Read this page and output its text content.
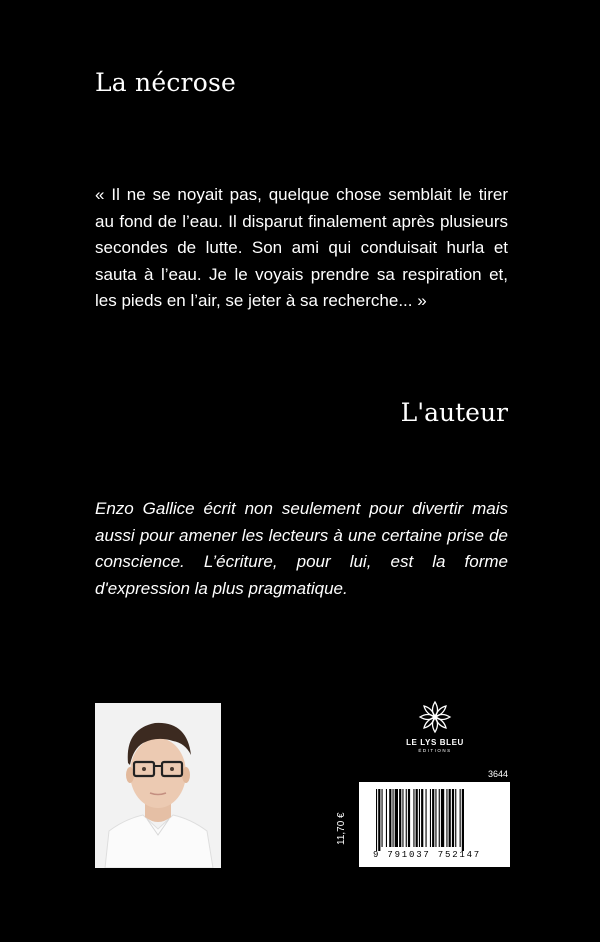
La nécrose

« Il ne se noyait pas, quelque chose semblait le tirer au fond de l’eau. Il disparut finalement après plusieurs secondes de lutte. Son ami qui conduisait hurla et sauta à l’eau. Je le voyais prendre sa respiration et, les pieds en l’air, se jeter à sa recherche... »

L'auteur

Enzo Gallice écrit non seulement pour divertir mais aussi pour amener les lecteurs à une certaine prise de conscience. L’écriture, pour lui, est la forme d'expression la plus pragmatique.

LE LYS BLEU
ÉDITIONS
3644
11,70 €
9 791037 752147
